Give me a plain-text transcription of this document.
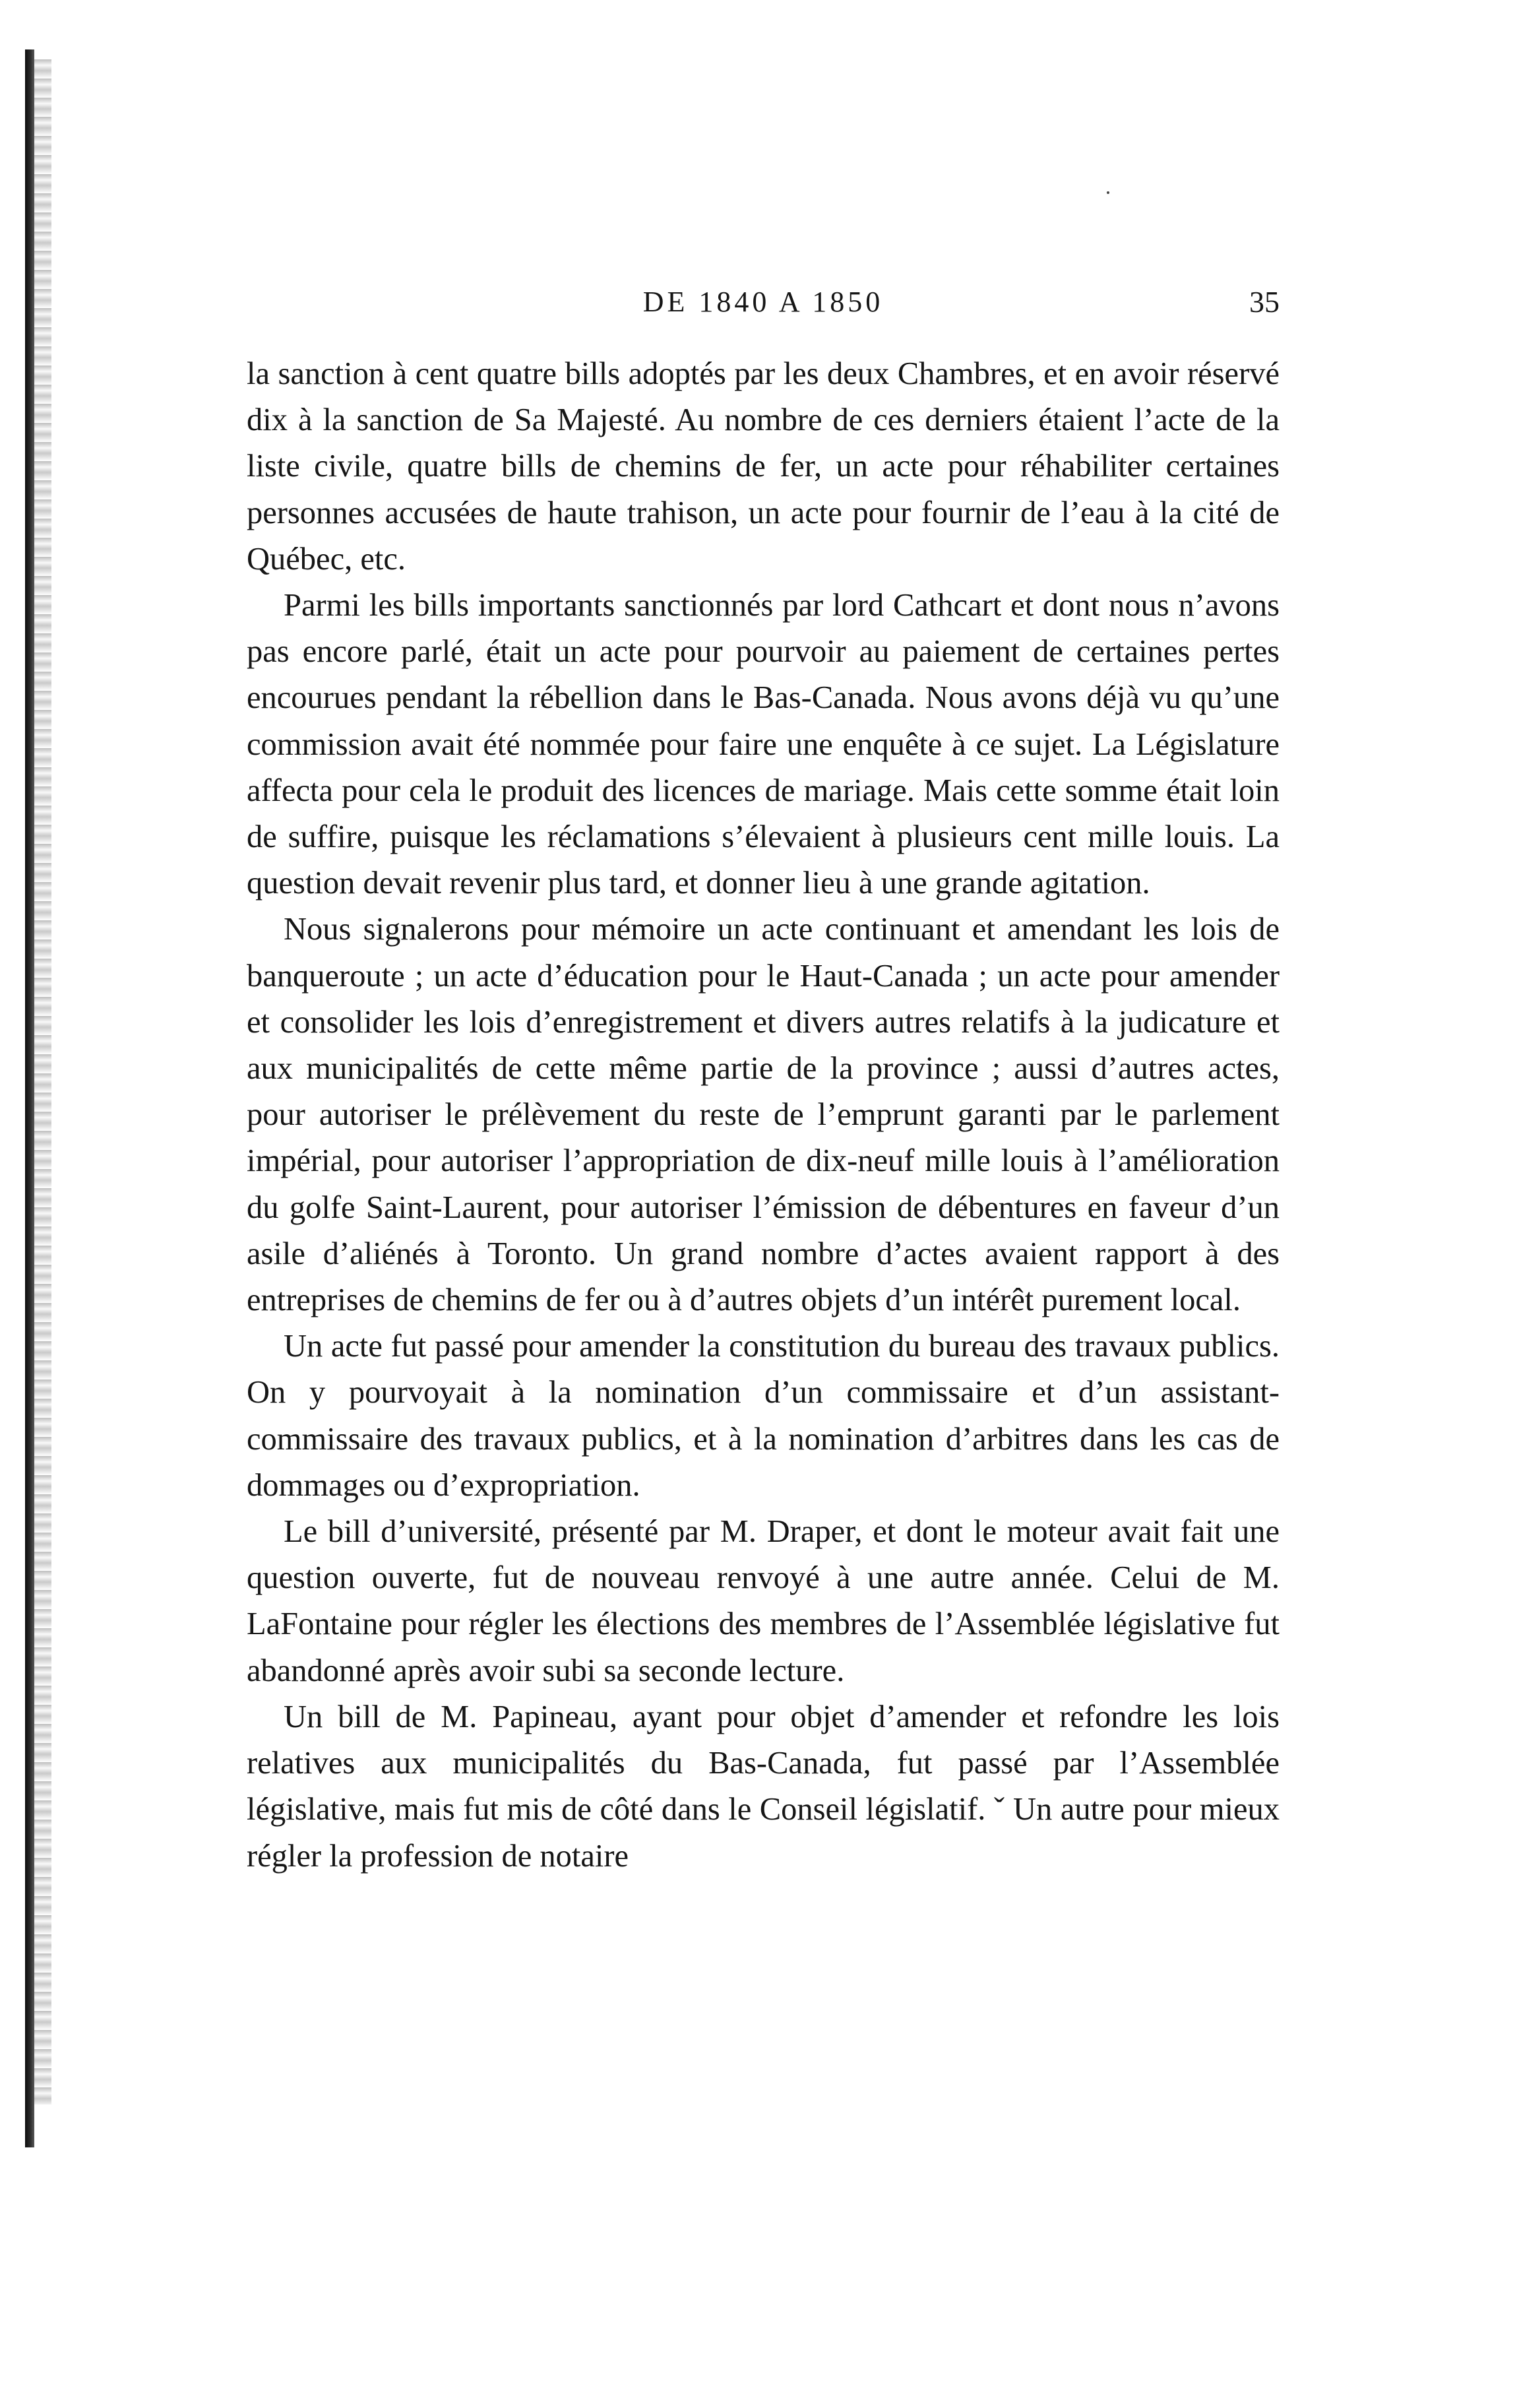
DE 1840 A 1850	35

la sanction à cent quatre bills adoptés par les deux Chambres, et en avoir réservé dix à la sanction de Sa Majesté. Au nombre de ces derniers étaient l’acte de la liste civile, quatre bills de chemins de fer, un acte pour réhabiliter certaines personnes accusées de haute trahison, un acte pour fournir de l’eau à la cité de Québec, etc.

Parmi les bills importants sanctionnés par lord Cathcart et dont nous n’avons pas encore parlé, était un acte pour pourvoir au paiement de certaines pertes encourues pendant la rébellion dans le Bas-Canada. Nous avons déjà vu qu’une commission avait été nommée pour faire une enquête à ce sujet. La Législature affecta pour cela le produit des licences de mariage. Mais cette somme était loin de suffire, puisque les réclamations s’élevaient à plusieurs cent mille louis. La question devait revenir plus tard, et donner lieu à une grande agitation.

Nous signalerons pour mémoire un acte continuant et amendant les lois de banqueroute ; un acte d’éducation pour le Haut-Canada ; un acte pour amender et consolider les lois d’enregistrement et divers autres relatifs à la judicature et aux municipalités de cette même partie de la province ; aussi d’autres actes, pour autoriser le prélèvement du reste de l’emprunt garanti par le parlement impérial, pour autoriser l’appropriation de dix-neuf mille louis à l’amélioration du golfe Saint-Laurent, pour autoriser l’émission de débentures en faveur d’un asile d’aliénés à Toronto. Un grand nombre d’actes avaient rapport à des entreprises de chemins de fer ou à d’autres objets d’un intérêt purement local.

Un acte fut passé pour amender la constitution du bureau des travaux publics. On y pourvoyait à la nomination d’un commissaire et d’un assistant-commissaire des travaux publics, et à la nomination d’arbitres dans les cas de dommages ou d’expropriation.

Le bill d’université, présenté par M. Draper, et dont le moteur avait fait une question ouverte, fut de nouveau renvoyé à une autre année. Celui de M. LaFontaine pour régler les élections des membres de l’Assemblée législative fut abandonné après avoir subi sa seconde lecture.

Un bill de M. Papineau, ayant pour objet d’amender et refondre les lois relatives aux municipalités du Bas-Canada, fut passé par l’Assemblée législative, mais fut mis de côté dans le Conseil législatif. ˇ Un autre pour mieux régler la profession de notaire
